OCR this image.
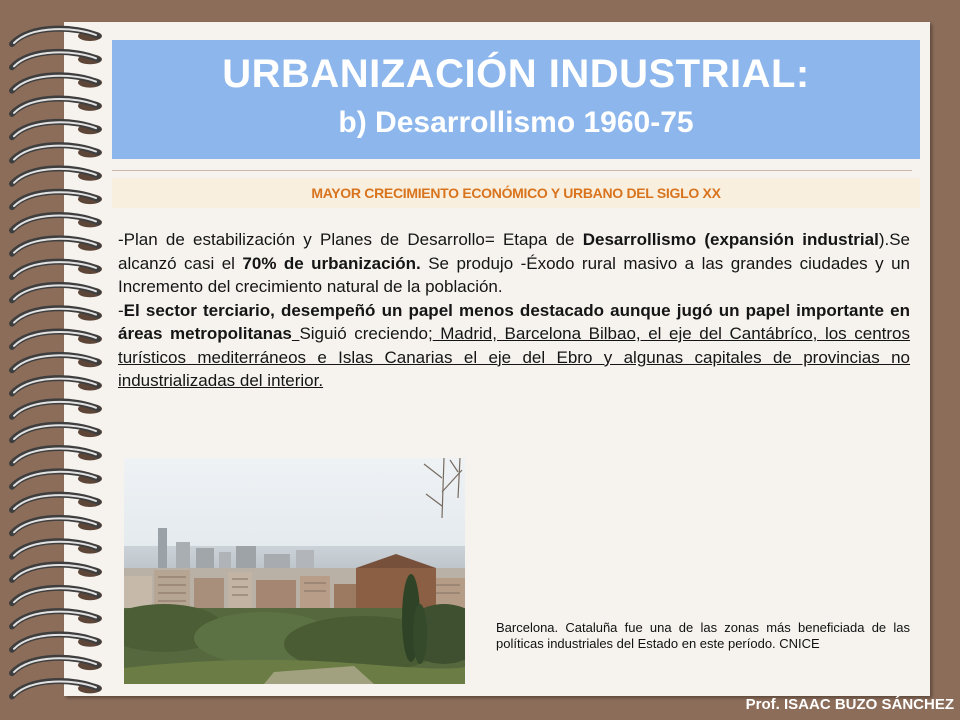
URBANIZACIÓN INDUSTRIAL:
b) Desarrollismo 1960-75
MAYOR CRECIMIENTO ECONÓMICO Y URBANO DEL SIGLO XX

-Plan de estabilización y Planes de Desarrollo= Etapa de Desarrollismo (expansión industrial).Se alcanzó casi el 70% de urbanización. Se produjo -Éxodo rural masivo a las grandes ciudades y un Incremento del crecimiento natural de la población.

-El sector terciario, desempeñó un papel menos destacado aunque jugó un papel importante en áreas metropolitanas Siguió creciendo; Madrid, Barcelona Bilbao, el eje del Cantábríco, los centros turísticos mediterráneos e Islas Canarias el eje del Ebro y algunas capitales de provincias no industrializadas del interior.

Barcelona. Cataluña fue una de las zonas más beneficiada de las políticas industriales del Estado en este período. CNICE
Prof. ISAAC BUZO SÁNCHEZ
